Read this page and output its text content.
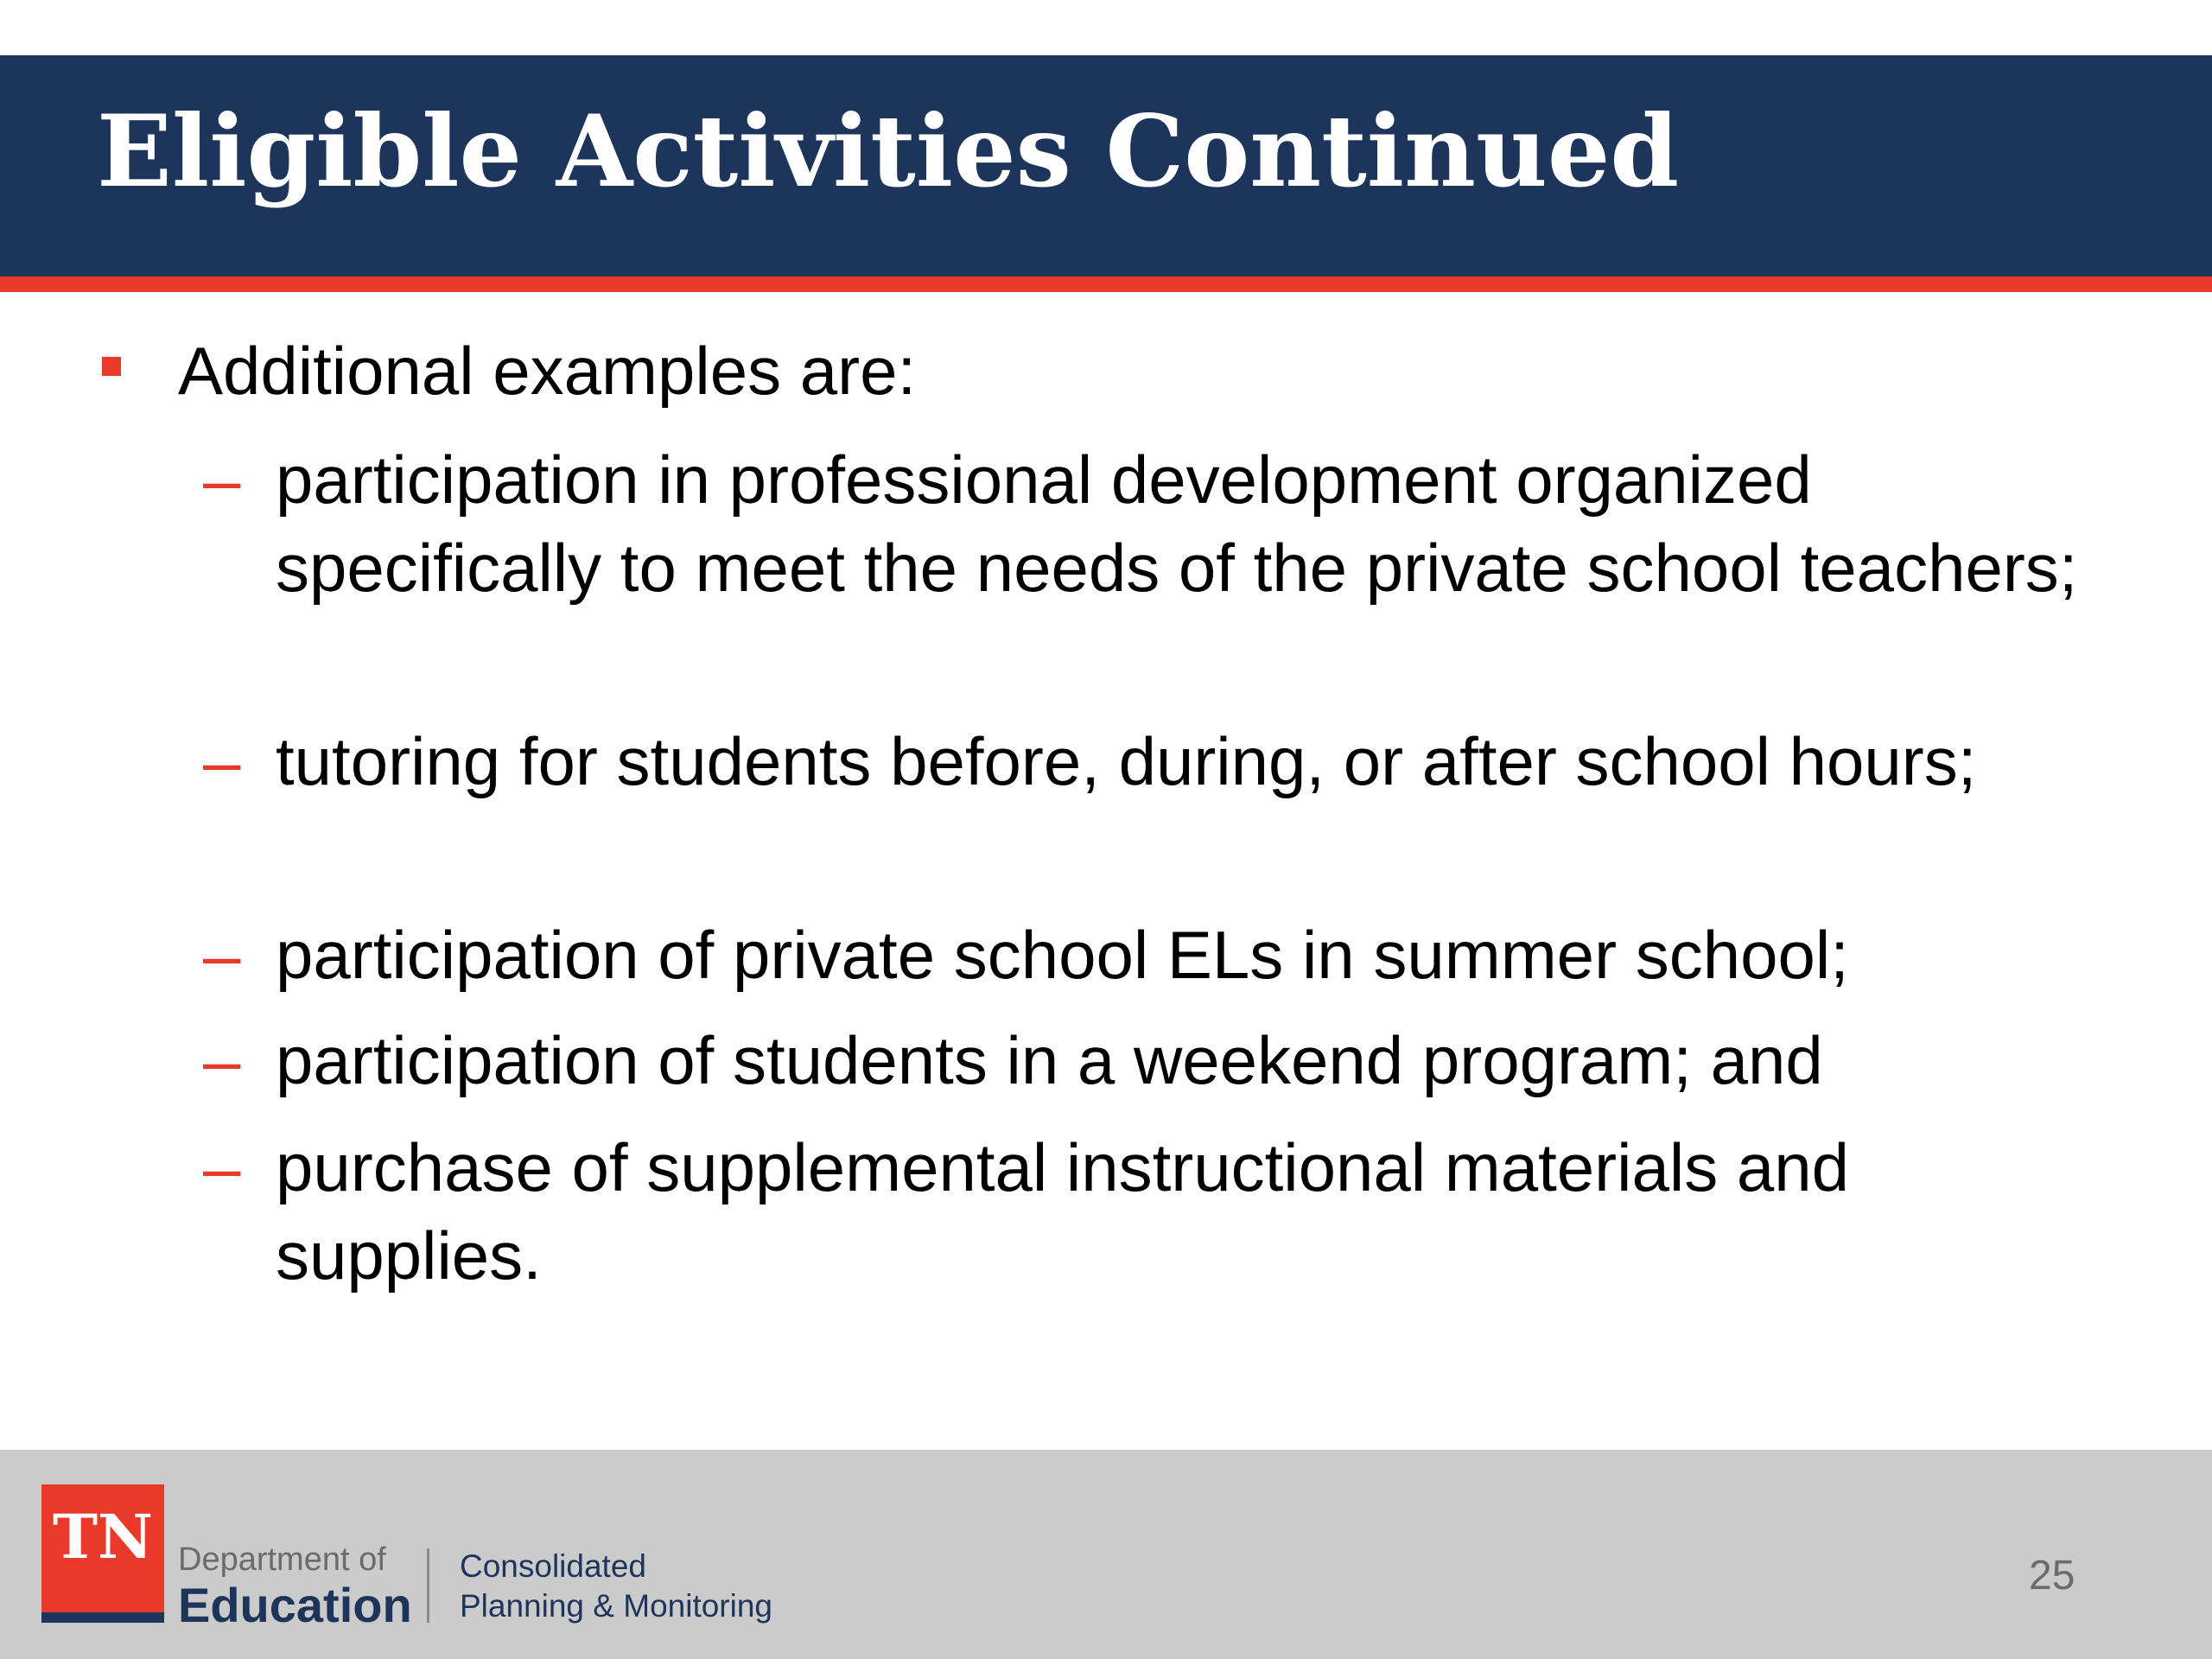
Eligible Activities Continued
Additional examples are:
– participation in professional development organized specifically to meet the needs of the private school teachers;
– tutoring for students before, during, or after school hours;
– participation of private school ELs in summer school;
– participation of students in a weekend program; and
– purchase of supplemental instructional materials and supplies.
TN Department of
Education
Consolidated
Planning & Monitoring
25
